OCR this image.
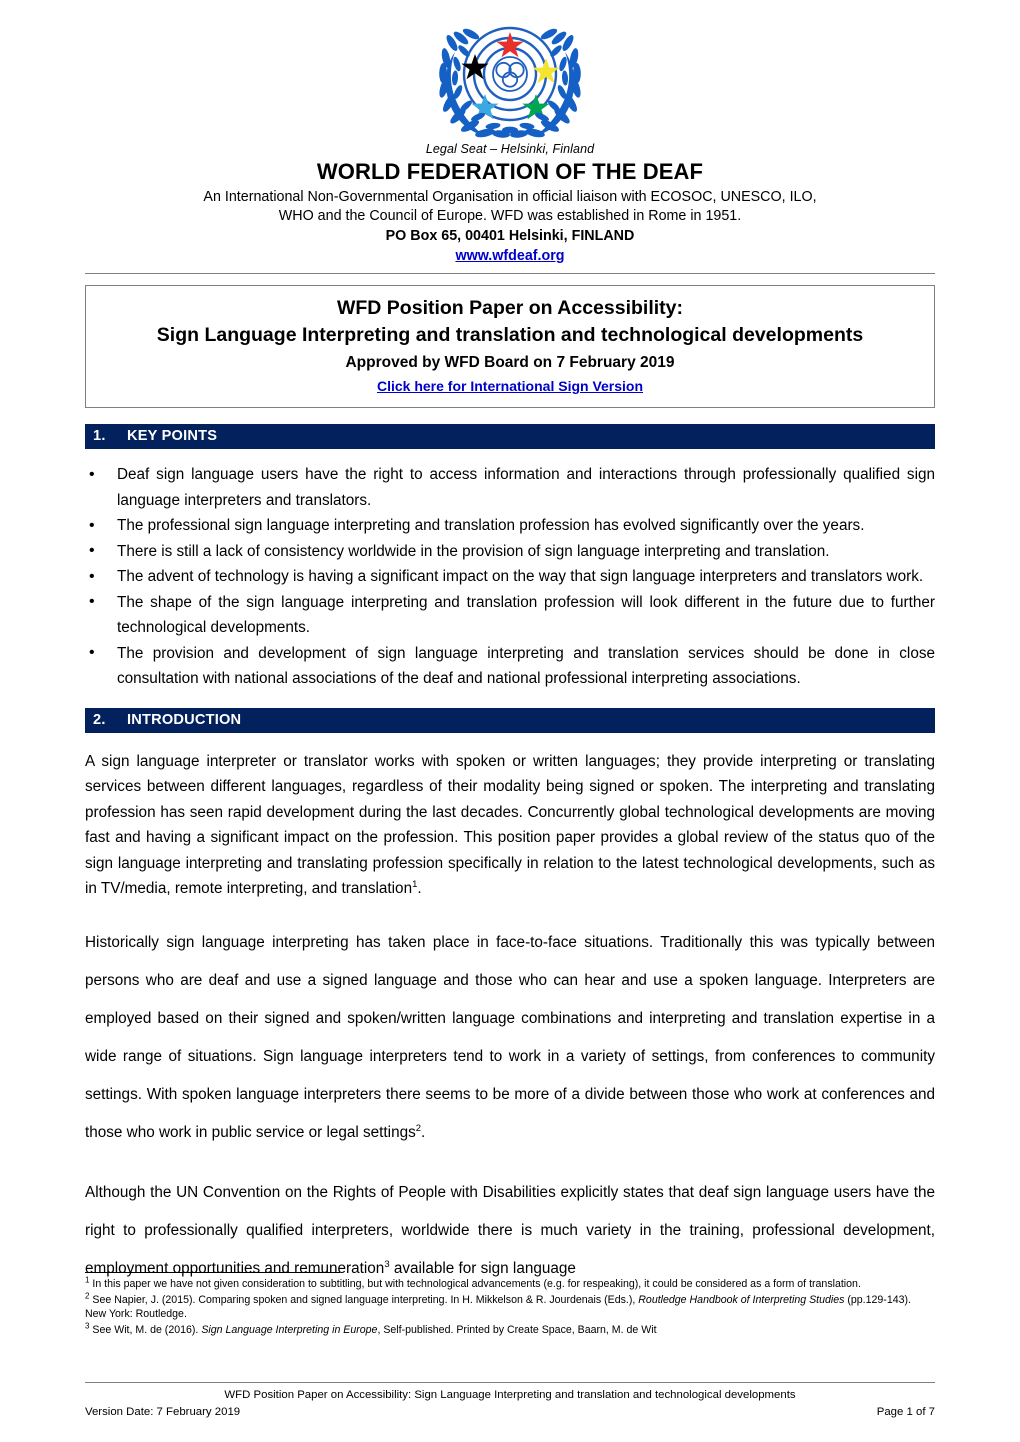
Legal Seat – Helsinki, Finland
WORLD FEDERATION OF THE DEAF
An International Non-Governmental Organisation in official liaison with ECOSOC, UNESCO, ILO,
WHO and the Council of Europe. WFD was established in Rome in 1951.
PO Box 65, 00401 Helsinki, FINLAND
www.wfdeaf.org
WFD Position Paper on Accessibility:
Sign Language Interpreting and translation and technological developments
Approved by WFD Board on 7 February 2019
Click here for International Sign Version
1. KEY POINTS
• Deaf sign language users have the right to access information and interactions through professionally qualified sign language interpreters and translators.
• The professional sign language interpreting and translation profession has evolved significantly over the years.
• There is still a lack of consistency worldwide in the provision of sign language interpreting and translation.
• The advent of technology is having a significant impact on the way that sign language interpreters and translators work.
• The shape of the sign language interpreting and translation profession will look different in the future due to further technological developments.
• The provision and development of sign language interpreting and translation services should be done in close consultation with national associations of the deaf and national professional interpreting associations.
2. INTRODUCTION

A sign language interpreter or translator works with spoken or written languages; they provide interpreting or translating services between different languages, regardless of their modality being signed or spoken. The interpreting and translating profession has seen rapid development during the last decades. Concurrently global technological developments are moving fast and having a significant impact on the profession. This position paper provides a global review of the status quo of the sign language interpreting and translating profession specifically in relation to the latest technological developments, such as in TV/media, remote interpreting, and translation$^1$.

Historically sign language interpreting has taken place in face-to-face situations. Traditionally this was typically between persons who are deaf and use a signed language and those who can hear and use a spoken language. Interpreters are employed based on their signed and spoken/written language combinations and interpreting and translation expertise in a wide range of situations. Sign language interpreters tend to work in a variety of settings, from conferences to community settings. With spoken language interpreters there seems to be more of a divide between those who work at conferences and those who work in public service or legal settings$^2$.

Although the UN Convention on the Rights of People with Disabilities explicitly states that deaf sign language users have the right to professionally qualified interpreters, worldwide there is much variety in the training, professional development, employment opportunities and remuneration$^3$ available for sign language

$^1$ In this paper we have not given consideration to subtitling, but with technological advancements (e.g. for respeaking), it could be considered as a form of translation.

$^2$ See Napier, J. (2015). Comparing spoken and signed language interpreting. In H. Mikkelson & R. Jourdenais (Eds.), Routledge Handbook of Interpreting Studies (pp.129-143). New York: Routledge.

$^3$ See Wit, M. de (2016). Sign Language Interpreting in Europe, Self-published. Printed by Create Space, Baarn, M. de Wit

WFD Position Paper on Accessibility: Sign Language Interpreting and translation and technological developments
Version Date: 7 February 2019	Page 1 of 7
